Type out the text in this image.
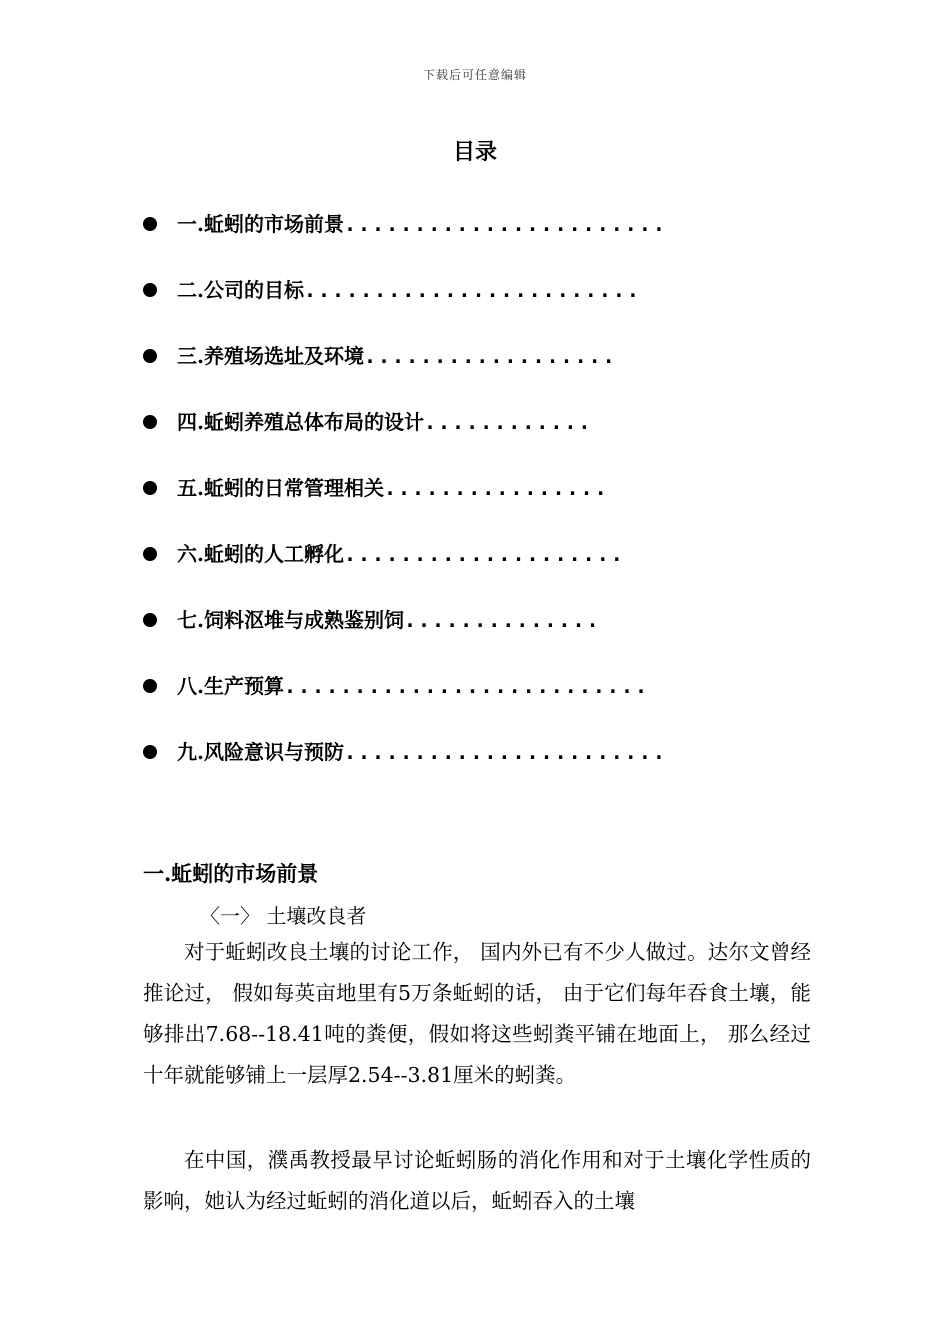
下载后可任意编辑
目录
一.蚯蚓的市场前景 .......................
二.公司的目标 ........................
三.养殖场选址及环境 ..................
四.蚯蚓养殖总体布局的设计 ............
五.蚯蚓的日常管理相关 ................
六.蚯蚓的人工孵化 ....................
七.饲料沤堆与成熟鉴别饲 ..............
八.生产预算 ..........................
九.风险意识与预防 .......................
一.蚯蚓的市场前景
〈一〉 土壤改良者

对于蚯蚓改良土壤的讨论工作， 国内外已有不少人做过。达尔文曾经推论过， 假如每英亩地里有5万条蚯蚓的话， 由于它们每年吞食土壤，能够排出7.68--18.41吨的粪便，假如将这些蚓粪平铺在地面上， 那么经过十年就能够铺上一层厚2.54--3.81厘米的蚓粪。

在中国，濮禹教授最早讨论蚯蚓肠的消化作用和对于土壤化学性质的影响，她认为经过蚯蚓的消化道以后，蚯蚓吞入的土壤
